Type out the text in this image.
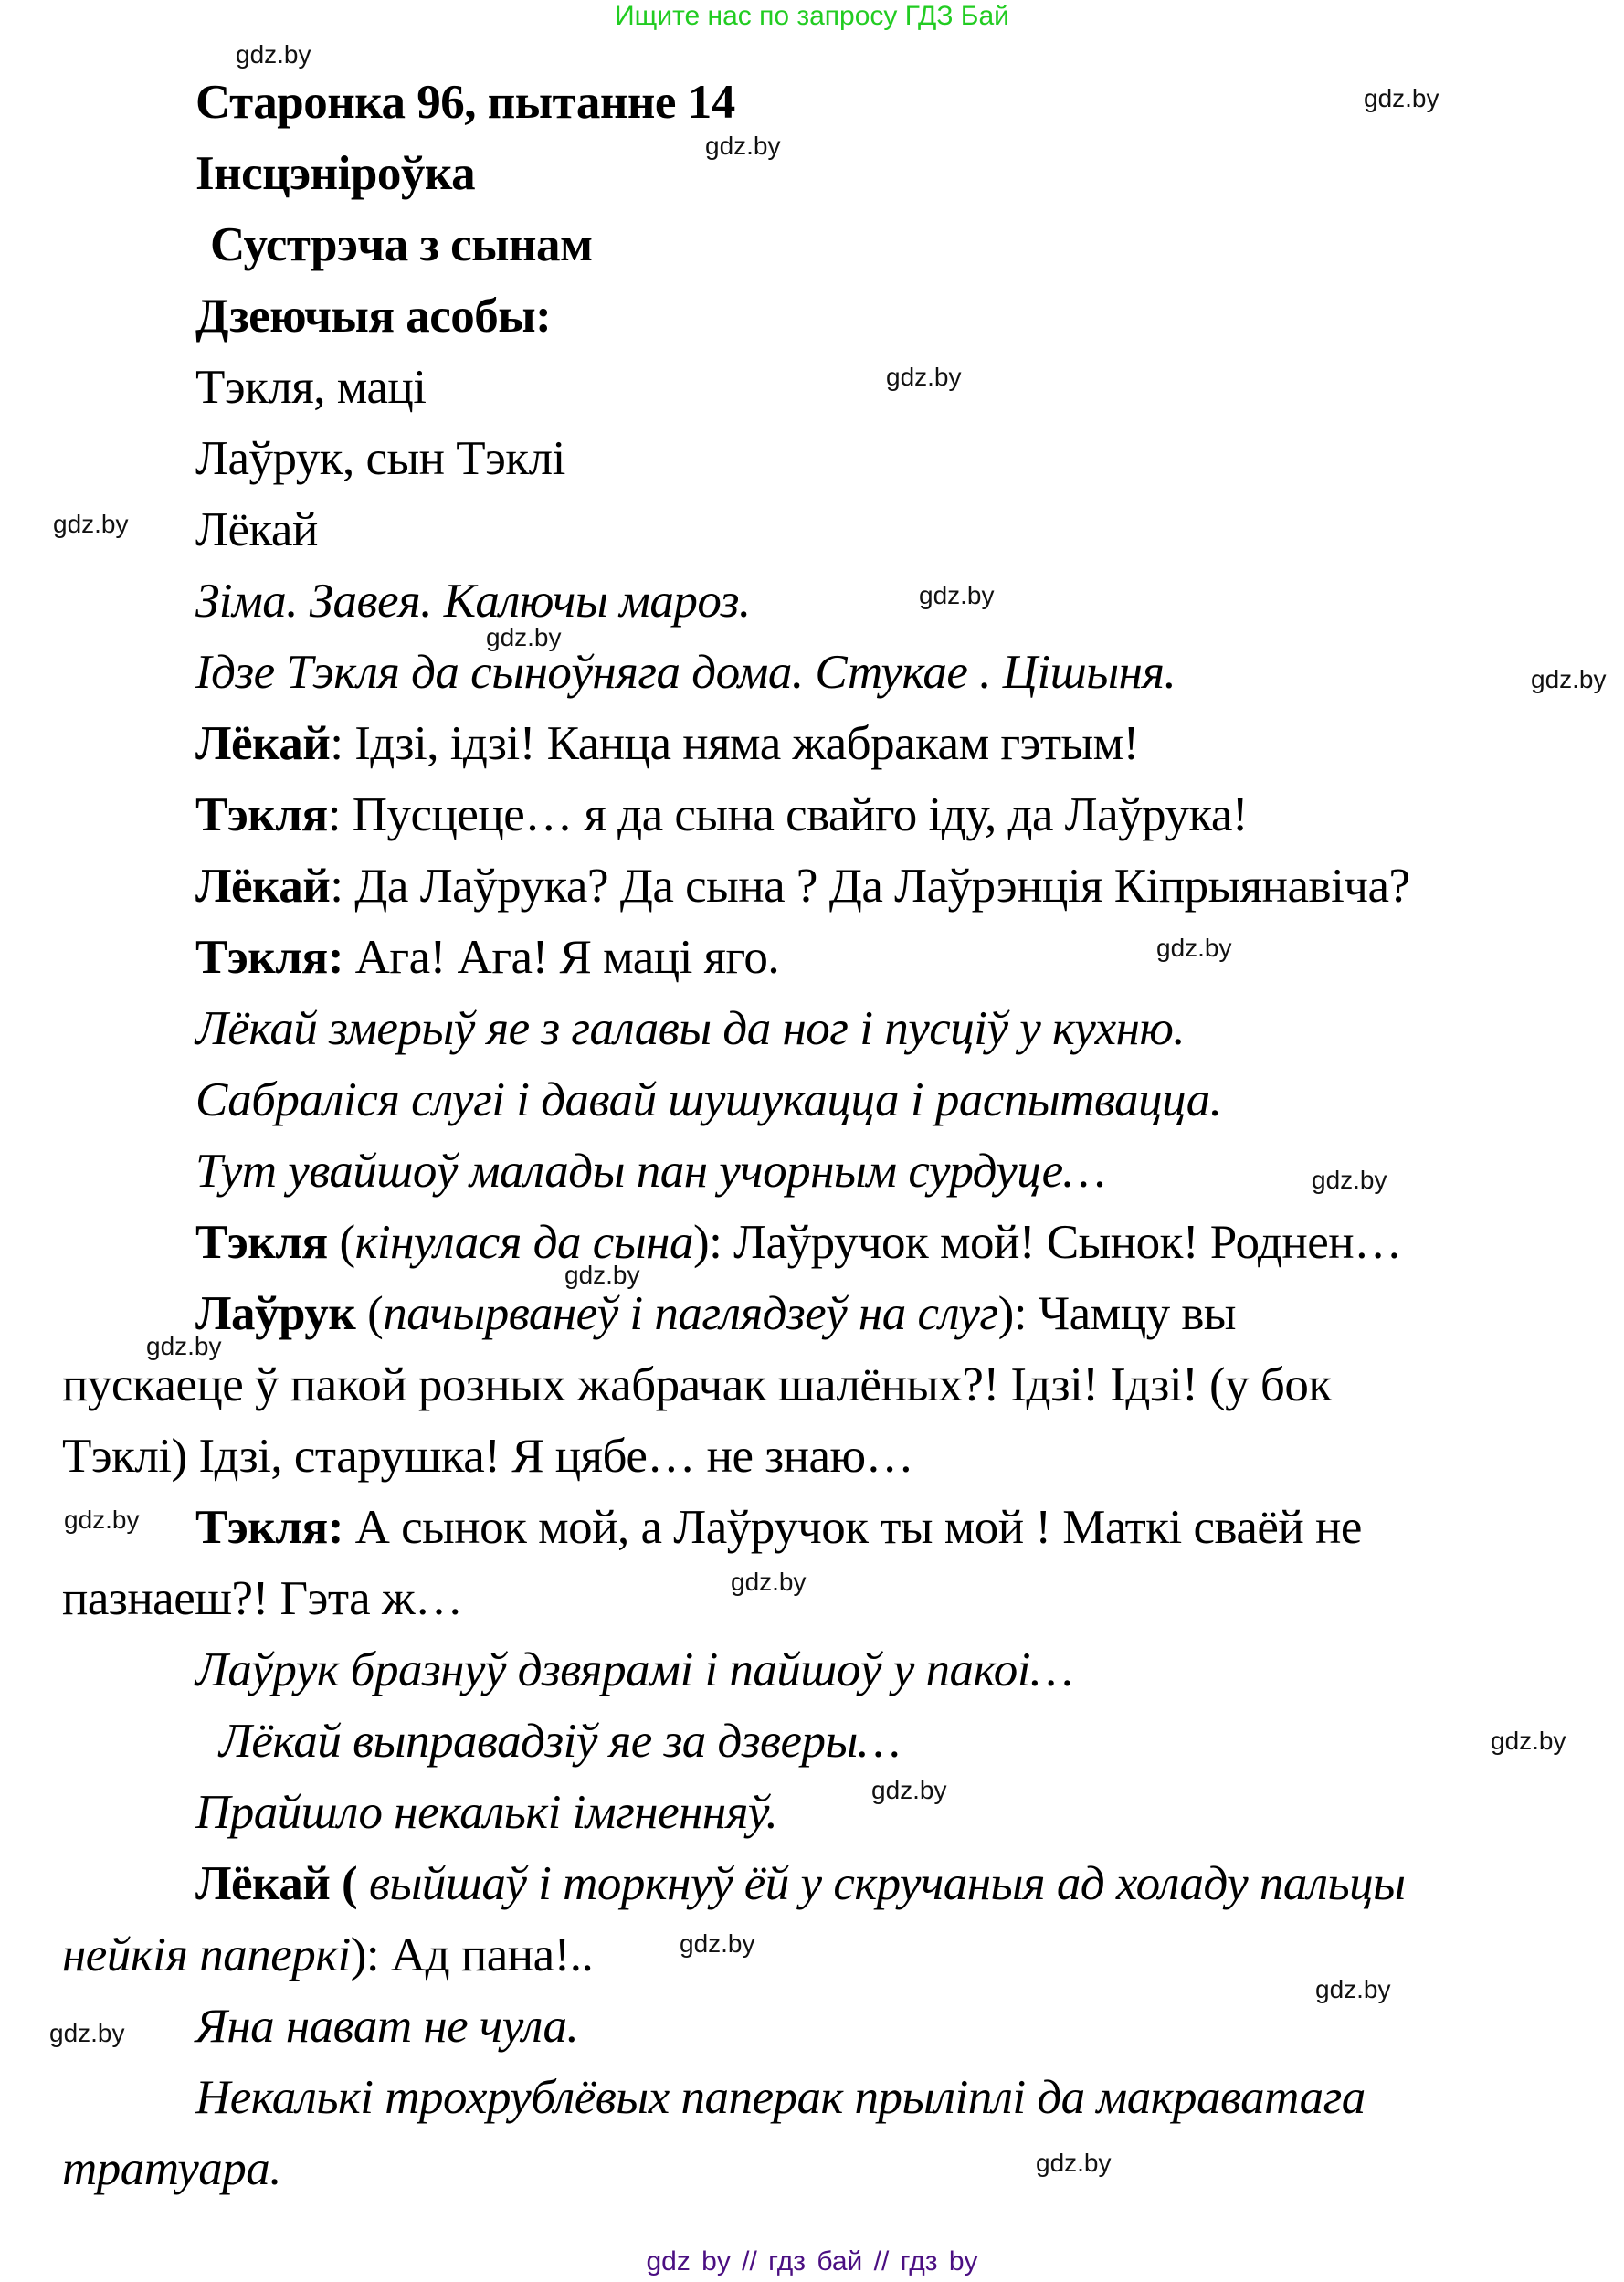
Ищите нас по запросу ГДЗ Бай
Старонка 96, пытанне 14
Інсцэніроўка
Сустрэча з сынам
Дзеючыя асобы:
Тэкля, маці
Лаўрук, сын Тэклі
Лёкай
Зіма. Завея. Калючы мароз.
Ідзе Тэкля да сыноўняга дома. Стукае . Цішыня.
Лёкай: Ідзі, ідзі! Канца няма жабракам гэтым!
Тэкля: Пусцеце… я да сына свайго іду, да Лаўрука!
Лёкай: Да Лаўрука? Да сына ? Да Лаўрэнція Кіпрыянавіча?
Тэкля: Ага! Ага! Я маці яго.
Лёкай змерыў яе з галавы да ног і пусціў у кухню.
Сабраліся слугі і давай шушукацца і распытвацца.
Тут увайшоў малады пан учорным сурдуце…
Тэкля (кінулася да сына): Лаўручок мой! Сынок! Роднен…
Лаўрук (пачырванеў і паглядзеў на слуг): Чамцу вы
пускаеце ў пакой розных жабрачак шалёных?! Ідзі! Ідзі! (у бок
Тэклі) Ідзі, старушка! Я цябе… не знаю…
Тэкля: А сынок мой, а Лаўручок ты мой ! Маткі сваёй не
пазнаеш?! Гэта ж…
Лаўрук бразнуў дзвярамі і пайшоў у пакоі…
Лёкай выправадзіў яе за дзверы…
Прайшло некалькі імгненняў.
Лёкай ( выйшаў і торкнуў ёй у скручаныя ад холаду пальцы
нейкія паперкі): Ад пана!..
Яна нават не чула.
Некалькі трохрублёвых паперак прыліплі да макраватага
тратуара.
gdz.by
gdz.by
gdz.by
gdz.by
gdz.by
gdz.by
gdz.by
gdz.by
gdz.by
gdz.by
gdz.by
gdz.by
gdz.by
gdz.by
gdz.by
gdz.by
gdz.by
gdz.by
gdz.by
gdz.by
gdz by // гдз бай // гдз by
